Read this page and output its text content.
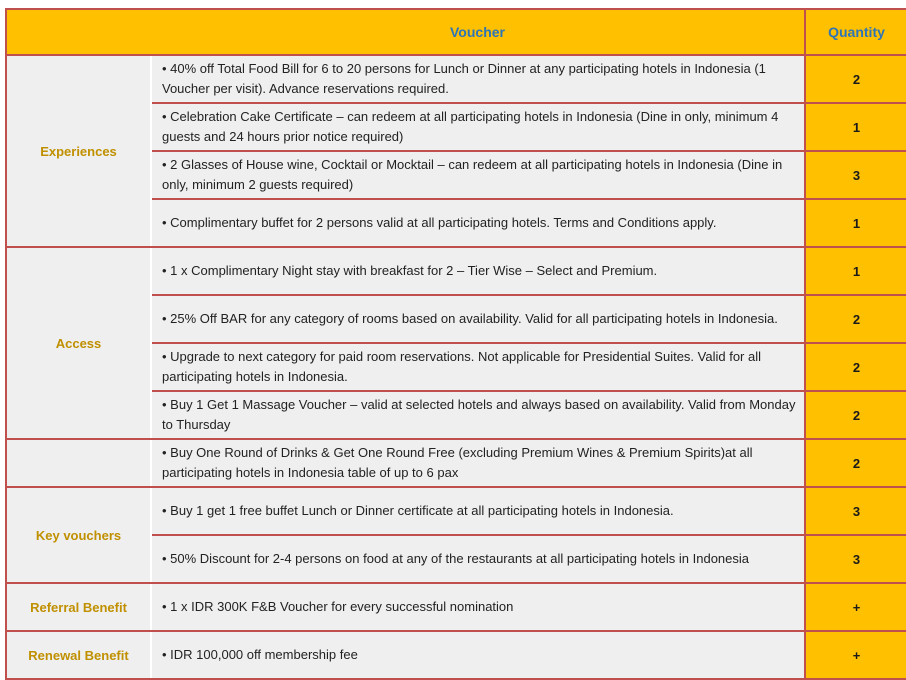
	Voucher	Quantity
Experiences	• 40% off Total Food Bill for 6 to 20 persons for Lunch or Dinner at any participating hotels in Indonesia (1 Voucher per visit). Advance reservations required.	2
	• Celebration Cake Certificate – can redeem at all participating hotels in Indonesia (Dine in only, minimum 4 guests and 24 hours prior notice required)	1
	• 2 Glasses of House wine, Cocktail or Mocktail – can redeem at all participating hotels in Indonesia (Dine in only, minimum 2 guests required)	3
	• Complimentary buffet for 2 persons valid at all participating hotels. Terms and Conditions apply.	1
Access	• 1 x Complimentary Night stay with breakfast for 2 – Tier Wise – Select and Premium.	1
	• 25% Off BAR for any category of rooms based on availability. Valid for all participating hotels in Indonesia.	2
	• Upgrade to next category for paid room reservations. Not applicable for Presidential Suites. Valid for all participating hotels in Indonesia.	2
	• Buy 1 Get 1 Massage Voucher – valid at selected hotels and always based on availability. Valid from Monday to Thursday	2
	• Buy One Round of Drinks & Get One Round Free (excluding Premium Wines & Premium Spirits)at all participating hotels in Indonesia table of up to 6 pax	2
Key vouchers	• Buy 1 get 1 free buffet Lunch or Dinner certificate at all participating hotels in Indonesia.	3
	• 50% Discount for 2-4 persons on food at any of the restaurants at all participating hotels in Indonesia	3
Referral Benefit	• 1 x IDR 300K F&B Voucher for every successful nomination	+
Renewal Benefit	• IDR 100,000 off membership fee	+
